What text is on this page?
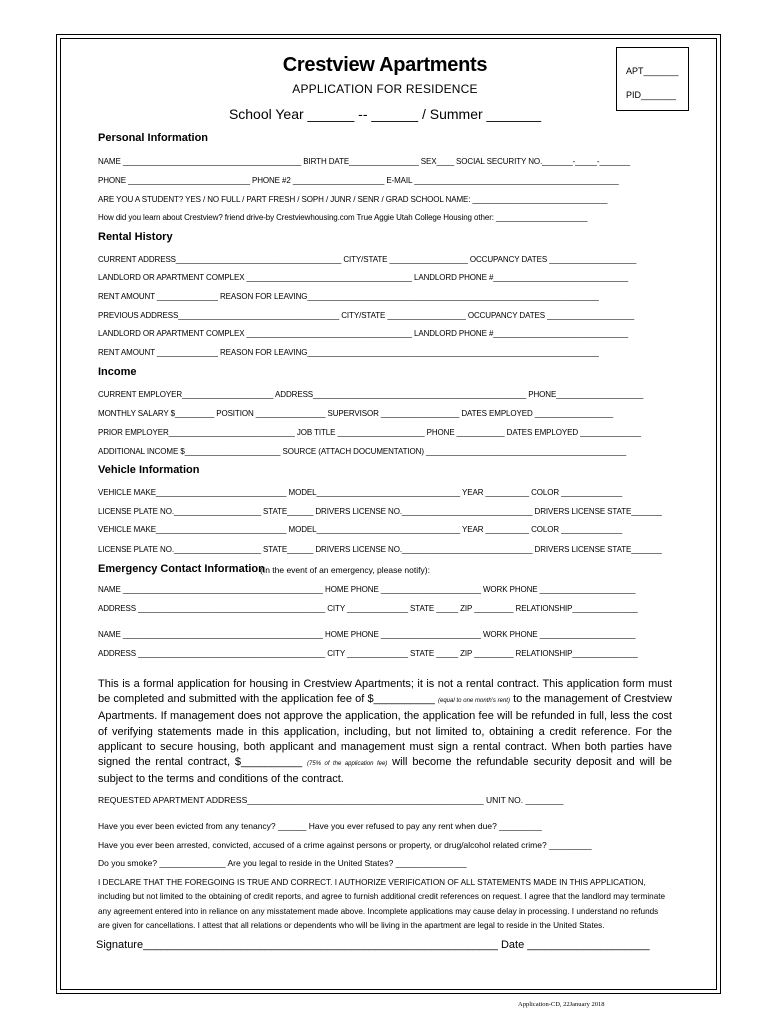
Crestview Apartments
APPLICATION FOR RESIDENCE
School Year ______ -- ______ / Summer _______
APT_______
PID_______
Personal Information
NAME _________________________________________ BIRTH DATE________________ SEX____ SOCIAL SECURITY NO._______-_____-_______
PHONE ____________________________ PHONE #2 _____________________ E-MAIL _______________________________________________
ARE YOU A STUDENT? YES / NO FULL / PART FRESH / SOPH / JUNR / SENR / GRAD SCHOOL NAME: _______________________________
How did you learn about Crestview? friend drive-by Crestviewhousing.com True Aggie Utah College Housing other: _____________________
Rental History
CURRENT ADDRESS______________________________________ CITY/STATE __________________ OCCUPANCY DATES ____________________
LANDLORD OR APARTMENT COMPLEX ______________________________________ LANDLORD PHONE #_______________________________
RENT AMOUNT ______________ REASON FOR LEAVING___________________________________________________________________
PREVIOUS ADDRESS_____________________________________ CITY/STATE __________________ OCCUPANCY DATES ____________________
LANDLORD OR APARTMENT COMPLEX ______________________________________ LANDLORD PHONE #_______________________________
RENT AMOUNT ______________ REASON FOR LEAVING___________________________________________________________________
Income
CURRENT EMPLOYER_____________________ ADDRESS_________________________________________________ PHONE____________________
MONTHLY SALARY $_________ POSITION ________________ SUPERVISOR __________________ DATES EMPLOYED __________________
PRIOR EMPLOYER_____________________________ JOB TITLE ____________________ PHONE ___________ DATES EMPLOYED ______________
ADDITIONAL INCOME $______________________ SOURCE (ATTACH DOCUMENTATION) ______________________________________________
Vehicle Information
VEHICLE MAKE______________________________ MODEL_________________________________ YEAR __________ COLOR ______________
LICENSE PLATE NO.____________________ STATE______ DRIVERS LICENSE NO.______________________________ DRIVERS LICENSE STATE_______
VEHICLE MAKE______________________________ MODEL_________________________________ YEAR __________ COLOR ______________
LICENSE PLATE NO.____________________ STATE______ DRIVERS LICENSE NO.______________________________ DRIVERS LICENSE STATE_______
Emergency Contact Information
(In the event of an emergency, please notify):
NAME ______________________________________________ HOME PHONE _______________________ WORK PHONE ______________________
ADDRESS ___________________________________________ CITY ______________ STATE _____ ZIP _________ RELATIONSHIP_______________
NAME ______________________________________________ HOME PHONE _______________________ WORK PHONE ______________________
ADDRESS ___________________________________________ CITY ______________ STATE _____ ZIP _________ RELATIONSHIP_______________
This is a formal application for housing in Crestview Apartments; it is not a rental contract. This application form must be completed and submitted with the application fee of $__________ (equal to one month's rent) to the management of Crestview Apartments. If management does not approve the application, the application fee will be refunded in full, less the cost of verifying statements made in this application, including, but not limited to, obtaining a credit reference. For the applicant to secure housing, both applicant and management must sign a rental contract. When both parties have signed the rental contract, $__________ (75% of the application fee) will become the refundable security deposit and will be subject to the terms and conditions of the contract.
REQUESTED APARTMENT ADDRESS__________________________________________________ UNIT NO. ________
Have you ever been evicted from any tenancy? ______ Have you ever refused to pay any rent when due? _________
Have you ever been arrested, convicted, accused of a crime against persons or property, or drug/alcohol related crime? _________
Do you smoke? ______________ Are you legal to reside in the United States? _______________
I DECLARE THAT THE FOREGOING IS TRUE AND CORRECT. I AUTHORIZE VERIFICATION OF ALL STATEMENTS MADE IN THIS APPLICATION, including but not limited to the obtaining of credit reports, and agree to furnish additional credit references on request. I agree that the landlord may terminate any agreement entered into in reliance on any misstatement made above. Incomplete applications may cause delay in processing. I understand no refunds are given for cancellations. I attest that all relations or dependents who will be living in the apartment are legal to reside in the United States.
Signature__________________________________________________________ Date ____________________
Application-CD, 22January 2018
